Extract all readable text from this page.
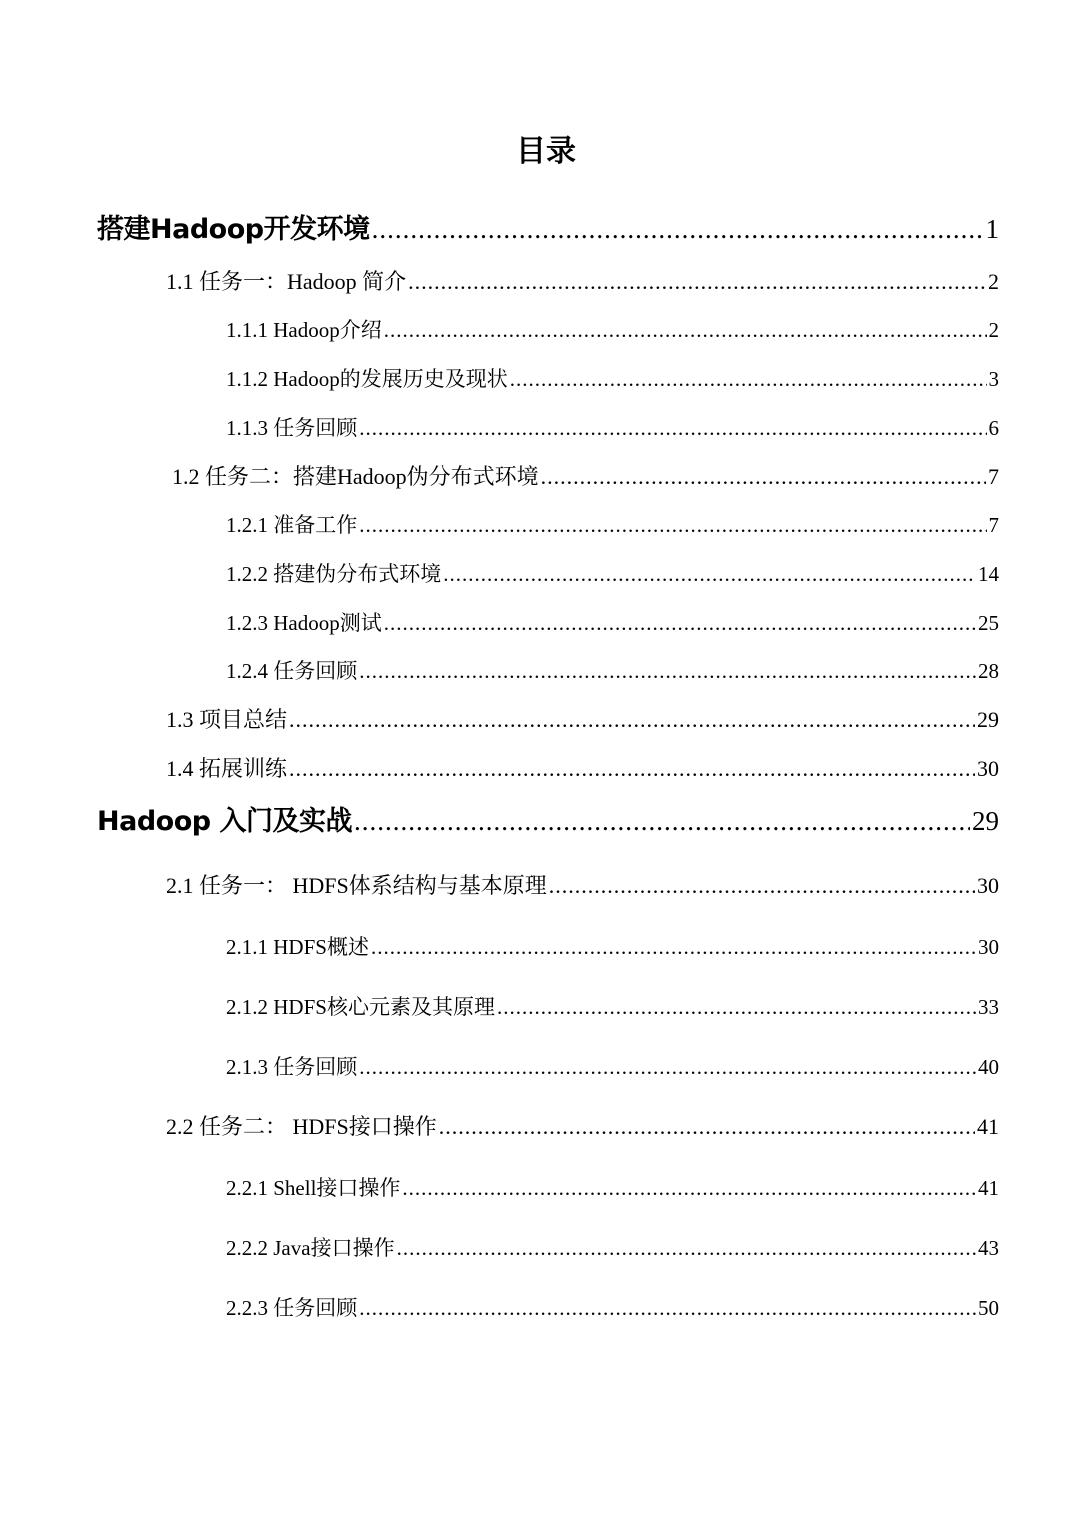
目录
搭建Hadoop开发环境 .....	1
1.1 任务一：Hadoop 简介 .....	2
1.1.1 Hadoop介绍 .....	2
1.1.2 Hadoop的发展历史及现状 .....	3
1.1.3 任务回顾 .....	6
1.2 任务二：搭建Hadoop伪分布式环境 .....	7
1.2.1 准备工作 .....	7
1.2.2 搭建伪分布式环境 .....	14
1.2.3 Hadoop测试 .....	25
1.2.4 任务回顾 .....	28
1.3 项目总结 .....	29
1.4 拓展训练 .....	30
Hadoop 入门及实战 .....	29
2.1 任务一： HDFS体系结构与基本原理 .....	30
2.1.1 HDFS概述 .....	30
2.1.2 HDFS核心元素及其原理 .....	33
2.1.3 任务回顾 .....	40
2.2 任务二： HDFS接口操作 .....	41
2.2.1 Shell接口操作 .....	41
2.2.2 Java接口操作 .....	43
2.2.3 任务回顾 .....	50
